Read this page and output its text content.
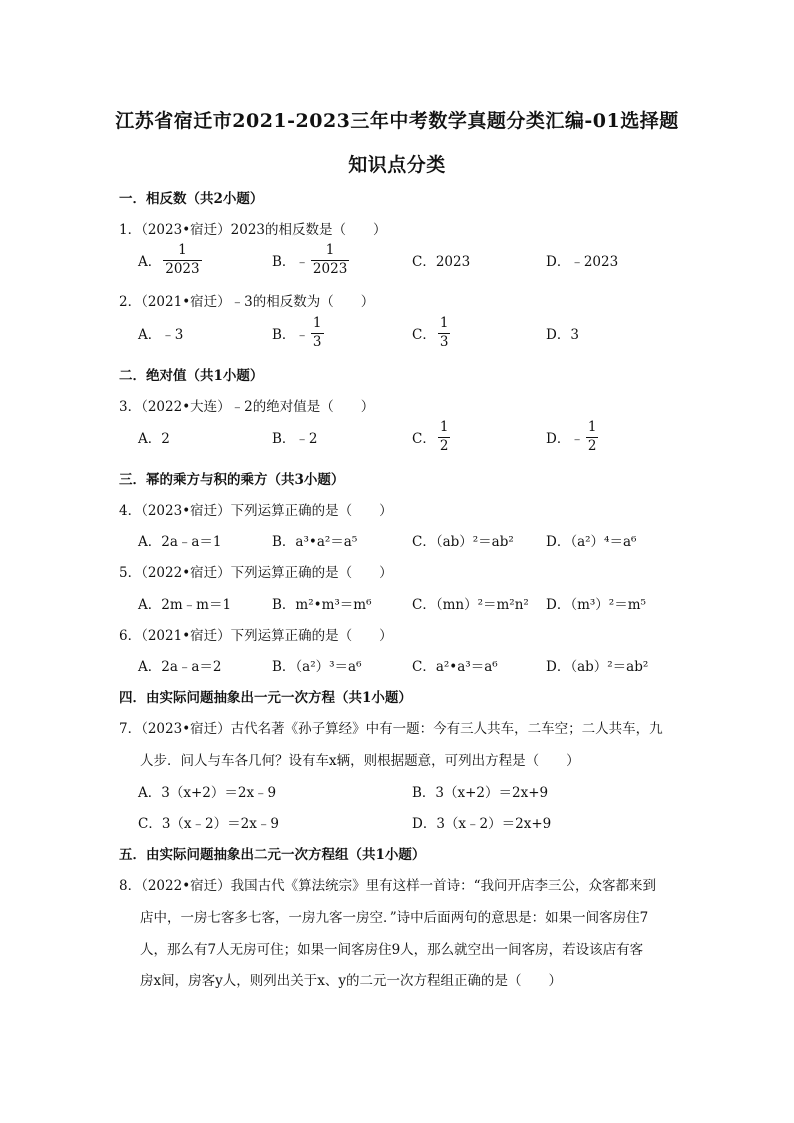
江苏省宿迁市2021-2023三年中考数学真题分类汇编-01选择题
知识点分类
一．相反数（共2小题）
1．（2023•宿迁）2023的相反数是（　　）
A． $\frac{1}{2023}$	B． ﹣ $\frac{1}{2023}$	C．2023	D．﹣2023
2．（2021•宿迁）﹣3的相反数为（　　）
A．﹣3	B．﹣ $\frac{1}{3}$	C． $\frac{1}{3}$	D．3
二．绝对值（共1小题）
3．（2022•大连）﹣2的绝对值是（　　）
A．2	B．﹣2	C． $\frac{1}{2}$	D．﹣ $\frac{1}{2}$
三．幂的乘方与积的乘方（共3小题）
4．（2023•宿迁）下列运算正确的是（　　）
A．2a﹣a＝1	B．a³•a²＝a⁵	C．（ab）²＝ab² D．（a²）⁴＝a⁶
5．（2022•宿迁）下列运算正确的是（　　）
A．2m﹣m＝1	B．m²•m³＝m⁶	C．（mn）²＝m²n² D．（m³）²＝m⁵
6．（2021•宿迁）下列运算正确的是（　　）
A．2a﹣a＝2	B．（a²）³＝a⁶	C．a²•a³＝a⁶	D．（ab）²＝ab²
四．由实际问题抽象出一元一次方程（共1小题）
7．（2023•宿迁）古代名著《孙子算经》中有一题：今有三人共车，二车空；二人共车，九
人步．问人与车各几何？设有车x辆，则根据题意，可列出方程是（　　）
A．3（x+2）＝2x﹣9	B．3（x+2）＝2x+9
C．3（x﹣2）＝2x﹣9	D．3（x﹣2）＝2x+9
五．由实际问题抽象出二元一次方程组（共1小题）
8．（2022•宿迁）我国古代《算法统宗》里有这样一首诗：“我问开店李三公，众客都来到
店中，一房七客多七客，一房九客一房空．”诗中后面两句的意思是：如果一间客房住7
人，那么有7人无房可住；如果一间客房住9人，那么就空出一间客房，若设该店有客
房x间，房客y人，则列出关于x、y的二元一次方程组正确的是（　　）
